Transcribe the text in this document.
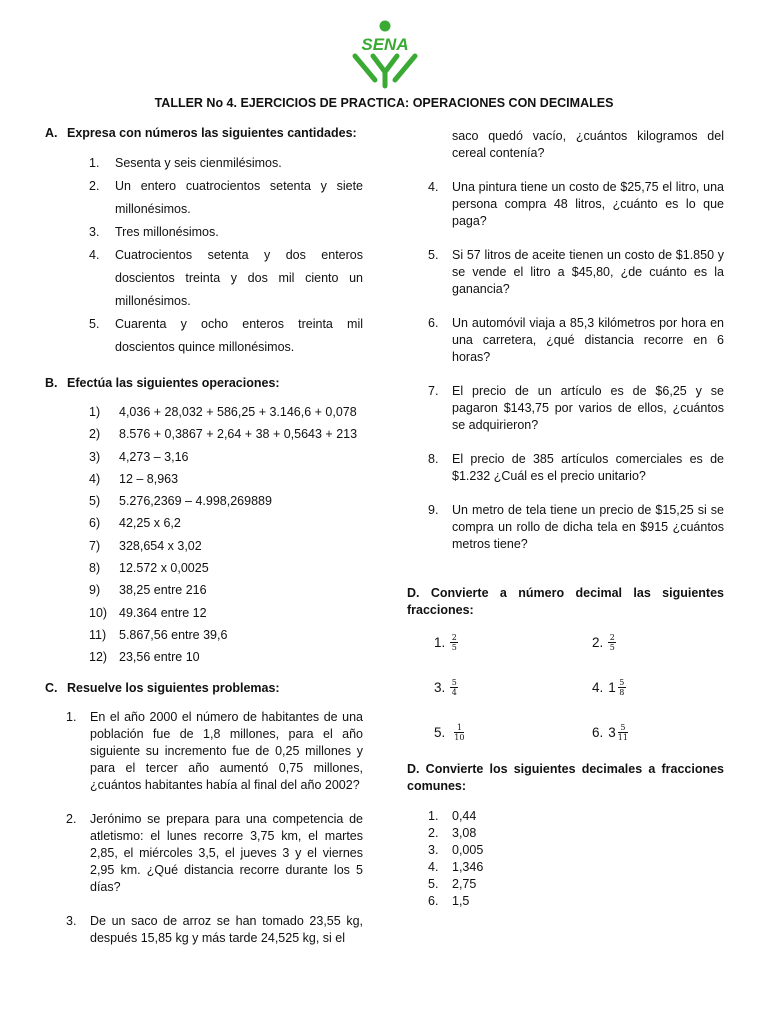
SENA
TALLER No 4. EJERCICIOS DE PRACTICA: OPERACIONES CON DECIMALES
A. Expresa con números las siguientes cantidades:
1.	Sesenta y seis cienmilésimos.
2.	Un entero cuatrocientos setenta y siete millonésimos.
3.	Tres millonésimos.
4.	Cuatrocientos setenta y dos enteros doscientos treinta y dos mil ciento un millonésimos.
5.	Cuarenta y ocho enteros treinta mil doscientos quince millonésimos.
B. Efectúa las siguientes operaciones:
1)	4,036 + 28,032 + 586,25 + 3.146,6 + 0,078
2)	8.576 + 0,3867 + 2,64 + 38 + 0,5643 + 213
3)	4,273 – 3,16
4)	12 – 8,963
5)	5.276,2369 – 4.998,269889
6)	42,25 x 6,2
7)	328,654 x 3,02
8)	12.572 x 0,0025
9)	38,25 entre 216
10) 49.364 entre 12
11)	5.867,56 entre 39,6
12) 23,56 entre 10
C. Resuelve los siguientes problemas:
1.	En el año 2000 el número de habitantes de una población fue de 1,8 millones, para el año siguiente su incremento fue de 0,25 millones y para el tercer año aumentó 0,75 millones, ¿cuántos habitantes había al final del año 2002?
2.	Jerónimo se prepara para una competencia de atletismo: el lunes recorre 3,75 km, el martes 2,85, el miércoles 3,5, el jueves 3 y el viernes 2,95 km. ¿Qué distancia recorre durante los 5 días?
3.	De un saco de arroz se han tomado 23,55 kg, después 15,85 kg y más tarde 24,525 kg, si el
saco quedó vacío, ¿cuántos kilogramos del cereal contenía?
4.	Una pintura tiene un costo de $25,75 el litro, una persona compra 48 litros, ¿cuánto es lo que paga?
5.	Si 57 litros de aceite tienen un costo de $1.850 y se vende el litro a $45,80, ¿de cuánto es la ganancia?
6.	Un automóvil viaja a 85,3 kilómetros por hora en una carretera, ¿qué distancia recorre en 6 horas?
7.	El precio de un artículo es de $6,25 y se pagaron $143,75 por varios de ellos, ¿cuántos se adquirieron?
8.	El precio de 385 artículos comerciales es de $1.232 ¿Cuál es el precio unitario?
9.	Un metro de tela tiene un precio de $15,25 si se compra un rollo de dicha tela en $915 ¿cuántos metros tiene?
D. Convierte a número decimal las siguientes fracciones:
1. $\frac{2}{5}$	2. $\frac{2}{5}$
3. $\frac{5}{4}$	4. $1 \frac{5}{8}$
5. $\frac{1}{10}$	6. $3 \frac{5}{11}$
D. Convierte los siguientes decimales a fracciones comunes:
1.	0,44
2.	3,08
3.	0,005
4.	1,346
5.	2,75
6.	1,5
